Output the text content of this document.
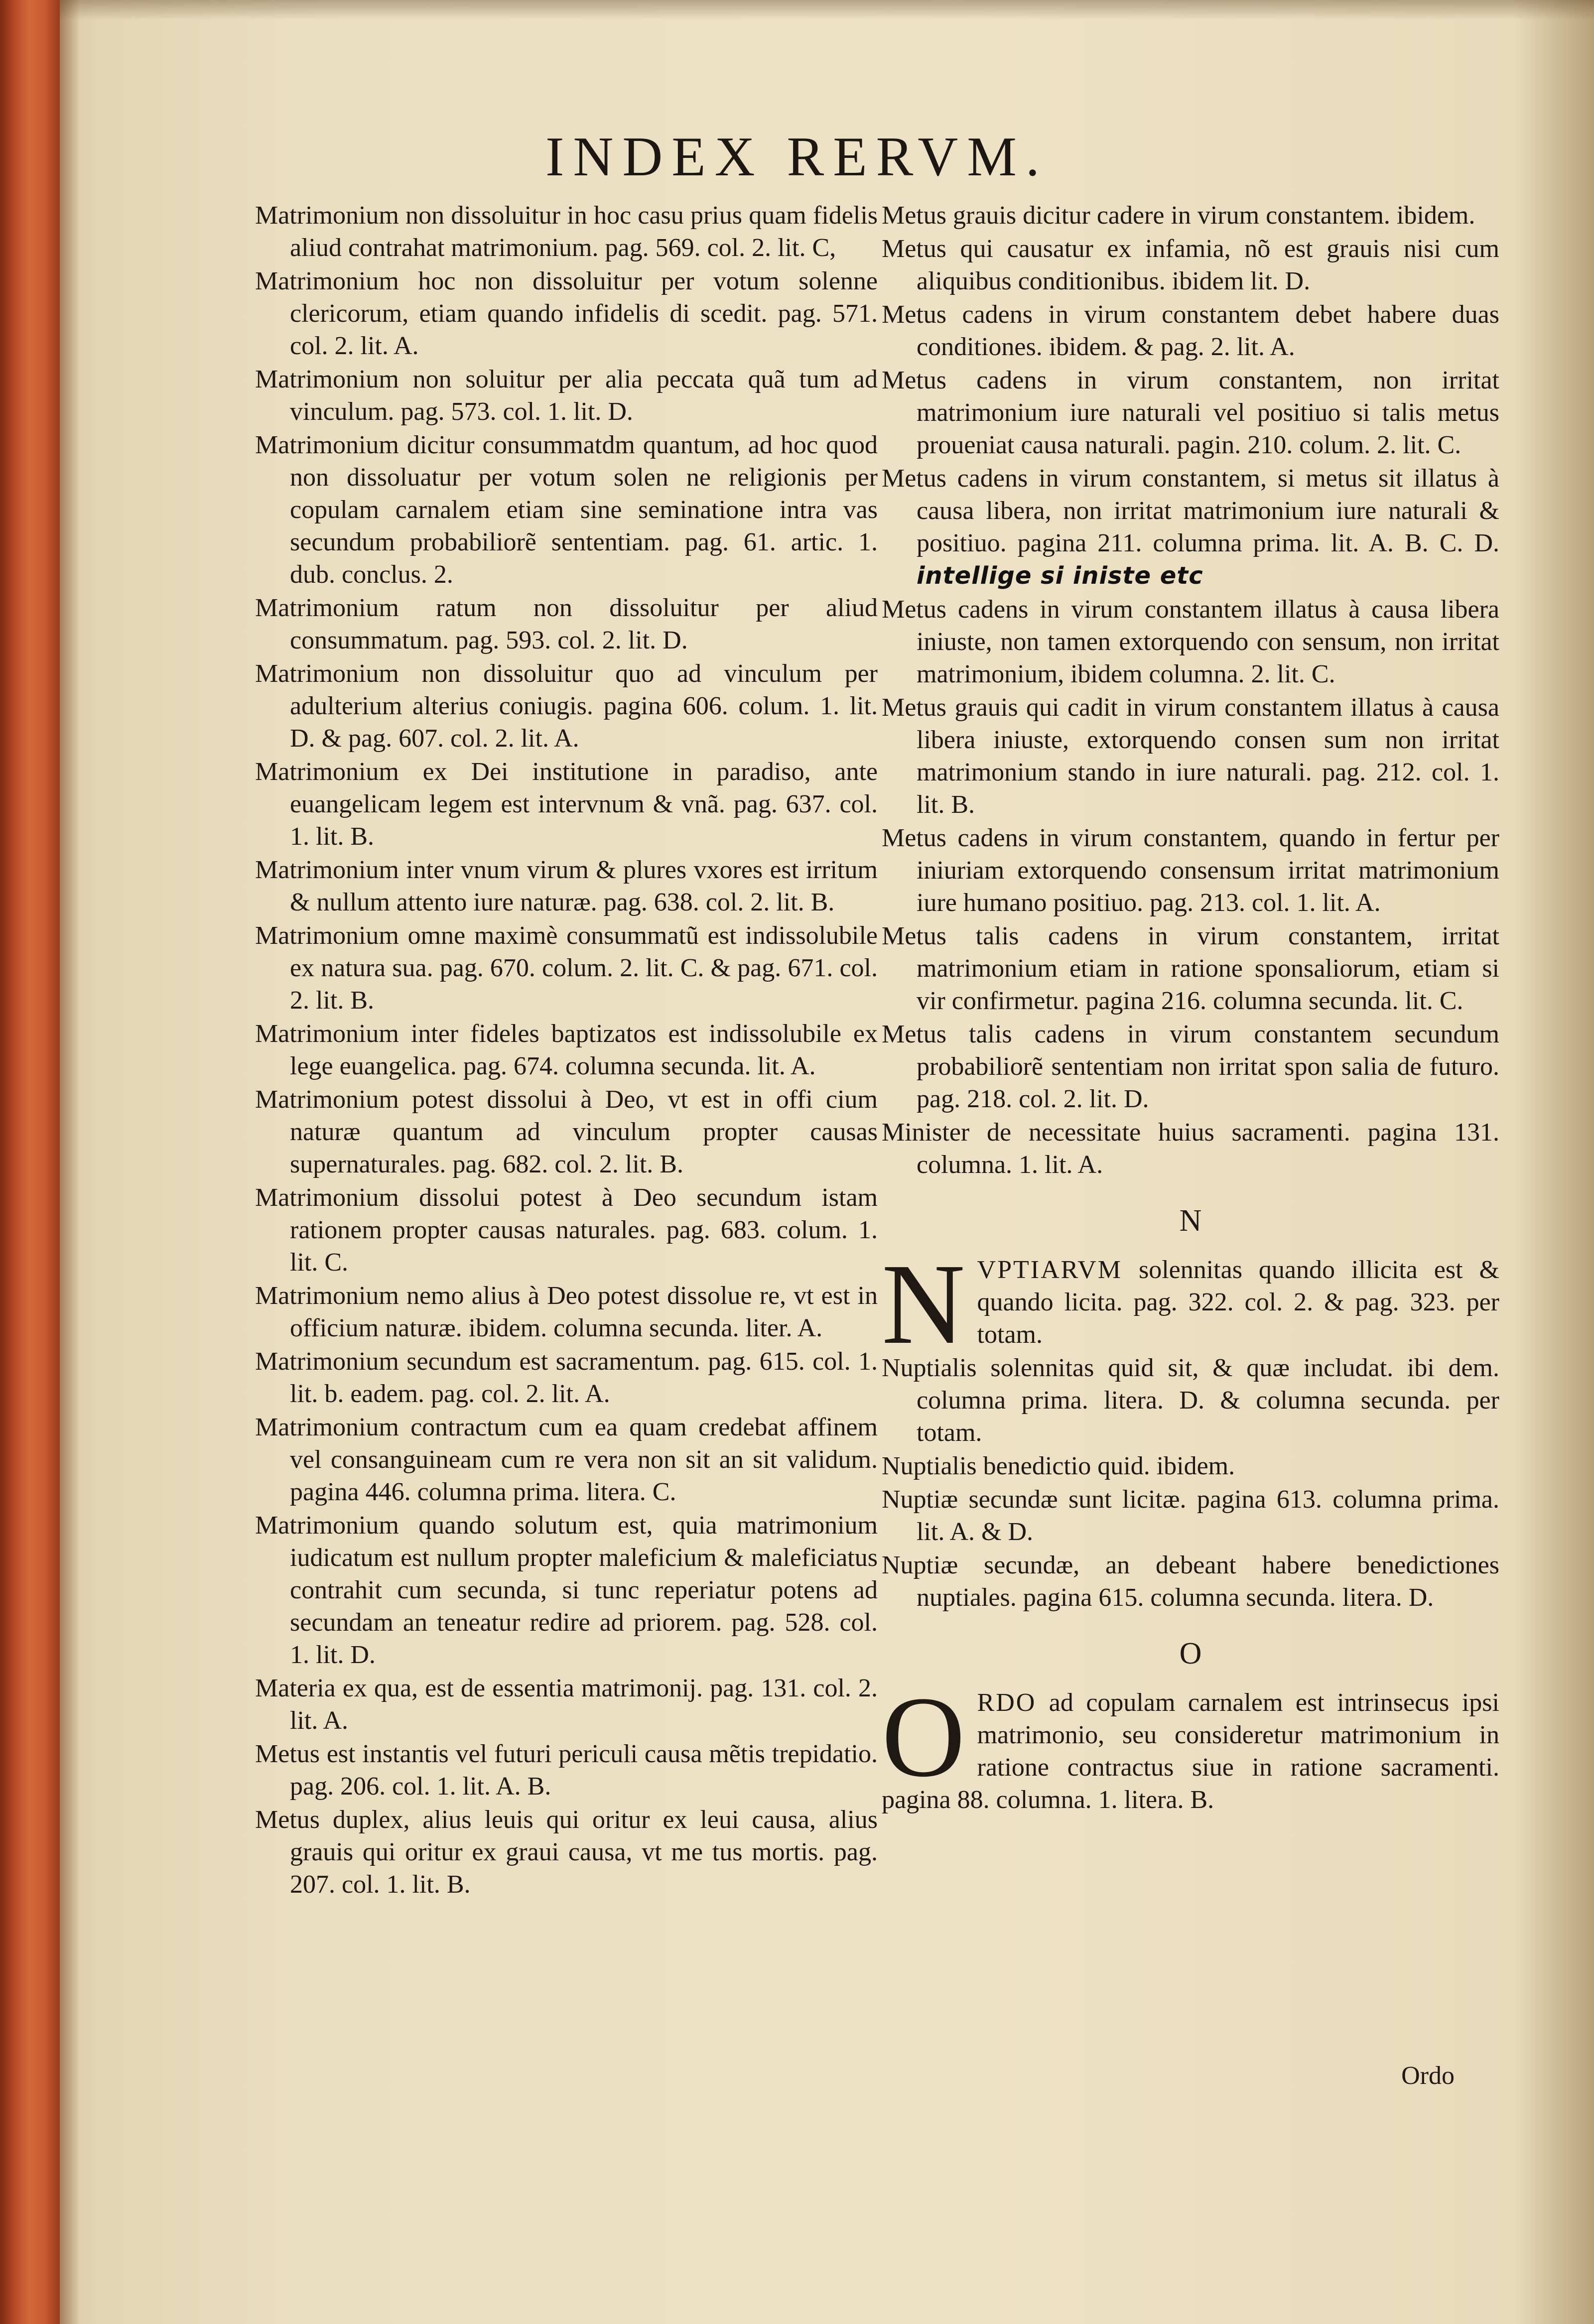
INDEX RERVM.

Matrimonium non dissoluitur in hoc casu prius quam fidelis aliud contrahat matrimonium. pag. 569. col. 2. lit. C,

Matrimonium hoc non dissoluitur per votum solenne clericorum, etiam quando infidelis di scedit. pag. 571. col. 2. lit. A.

Matrimonium non soluitur per alia peccata quã tum ad vinculum. pag. 573. col. 1. lit. D.

Matrimonium dicitur consummatdm quantum, ad hoc quod non dissoluatur per votum solen ne religionis per copulam carnalem etiam sine seminatione intra vas secundum probabiliorẽ sententiam. pag. 61. artic. 1. dub. conclus. 2.

Matrimonium ratum non dissoluitur per aliud consummatum. pag. 593. col. 2. lit. D.

Matrimonium non dissoluitur quo ad vinculum per adulterium alterius coniugis. pagina 606. colum. 1. lit. D. & pag. 607. col. 2. lit. A.

Matrimonium ex Dei institutione in paradiso, ante euangelicam legem est intervnum & vnã. pag. 637. col. 1. lit. B.

Matrimonium inter vnum virum & plures vxores est irritum & nullum attento iure naturæ. pag. 638. col. 2. lit. B.

Matrimonium omne maximè consummatũ est indissolubile ex natura sua. pag. 670. colum. 2. lit. C. & pag. 671. col. 2. lit. B.

Matrimonium inter fideles baptizatos est indissolubile ex lege euangelica. pag. 674. columna secunda. lit. A.

Matrimonium potest dissolui à Deo, vt est in offi cium naturæ quantum ad vinculum propter causas supernaturales. pag. 682. col. 2. lit. B.

Matrimonium dissolui potest à Deo secundum istam rationem propter causas naturales. pag. 683. colum. 1. lit. C.

Matrimonium nemo alius à Deo potest dissolue re, vt est in officium naturæ. ibidem. columna secunda. liter. A.

Matrimonium secundum est sacramentum. pag. 615. col. 1. lit. b. eadem. pag. col. 2. lit. A.

Matrimonium contractum cum ea quam credebat affinem vel consanguineam cum re vera non sit an sit validum. pagina 446. columna prima. litera. C.

Matrimonium quando solutum est, quia matrimonium iudicatum est nullum propter maleficium & maleficiatus contrahit cum secunda, si tunc reperiatur potens ad secundam an teneatur redire ad priorem. pag. 528. col. 1. lit. D.

Materia ex qua, est de essentia matrimonij. pag. 131. col. 2. lit. A.

Metus est instantis vel futuri periculi causa mẽtis trepidatio. pag. 206. col. 1. lit. A. B.

Metus duplex, alius leuis qui oritur ex leui causa, alius grauis qui oritur ex graui causa, vt me tus mortis. pag. 207. col. 1. lit. B.

Metus grauis dicitur cadere in virum constantem. ibidem.

Metus qui causatur ex infamia, nõ est grauis nisi cum aliquibus conditionibus. ibidem lit. D.

Metus cadens in virum constantem debet habere duas conditiones. ibidem. & pag. 2. lit. A.

Metus cadens in virum constantem, non irritat matrimonium iure naturali vel positiuo si talis metus proueniat causa naturali. pagin. 210. colum. 2. lit. C.

Metus cadens in virum constantem, si metus sit illatus à causa libera, non irritat matrimonium iure naturali & positiuo. pagina 211. columna prima. lit. A. B. C. D. intellige si iniste etc

Metus cadens in virum constantem illatus à causa libera iniuste, non tamen extorquendo con sensum, non irritat matrimonium, ibidem columna. 2. lit. C.

Metus grauis qui cadit in virum constantem illatus à causa libera iniuste, extorquendo consen sum non irritat matrimonium stando in iure naturali. pag. 212. col. 1. lit. B.

Metus cadens in virum constantem, quando in fertur per iniuriam extorquendo consensum irritat matrimonium iure humano positiuo. pag. 213. col. 1. lit. A.

Metus talis cadens in virum constantem, irritat matrimonium etiam in ratione sponsaliorum, etiam si vir confirmetur. pagina 216. columna secunda. lit. C.

Metus talis cadens in virum constantem secundum probabiliorẽ sententiam non irritat spon salia de futuro. pag. 218. col. 2. lit. D.

Minister de necessitate huius sacramenti. pagina 131. columna. 1. lit. A.

N

NVPTIARVM solennitas quando illicita est & quando licita. pag. 322. col. 2. & pag. 323. per totam.

Nuptialis solennitas quid sit, & quæ includat. ibi dem. columna prima. litera. D. & columna secunda. per totam.

Nuptialis benedictio quid. ibidem.

Nuptiæ secundæ sunt licitæ. pagina 613. columna prima. lit. A. & D.

Nuptiæ secundæ, an debeant habere benedictiones nuptiales. pagina 615. columna secunda. litera. D.

O

ORDO ad copulam carnalem est intrinsecus ipsi matrimonio, seu consideretur matrimonium in ratione contractus siue in ratione sacramenti. pagina 88. columna. 1. litera. B.

Ordo
